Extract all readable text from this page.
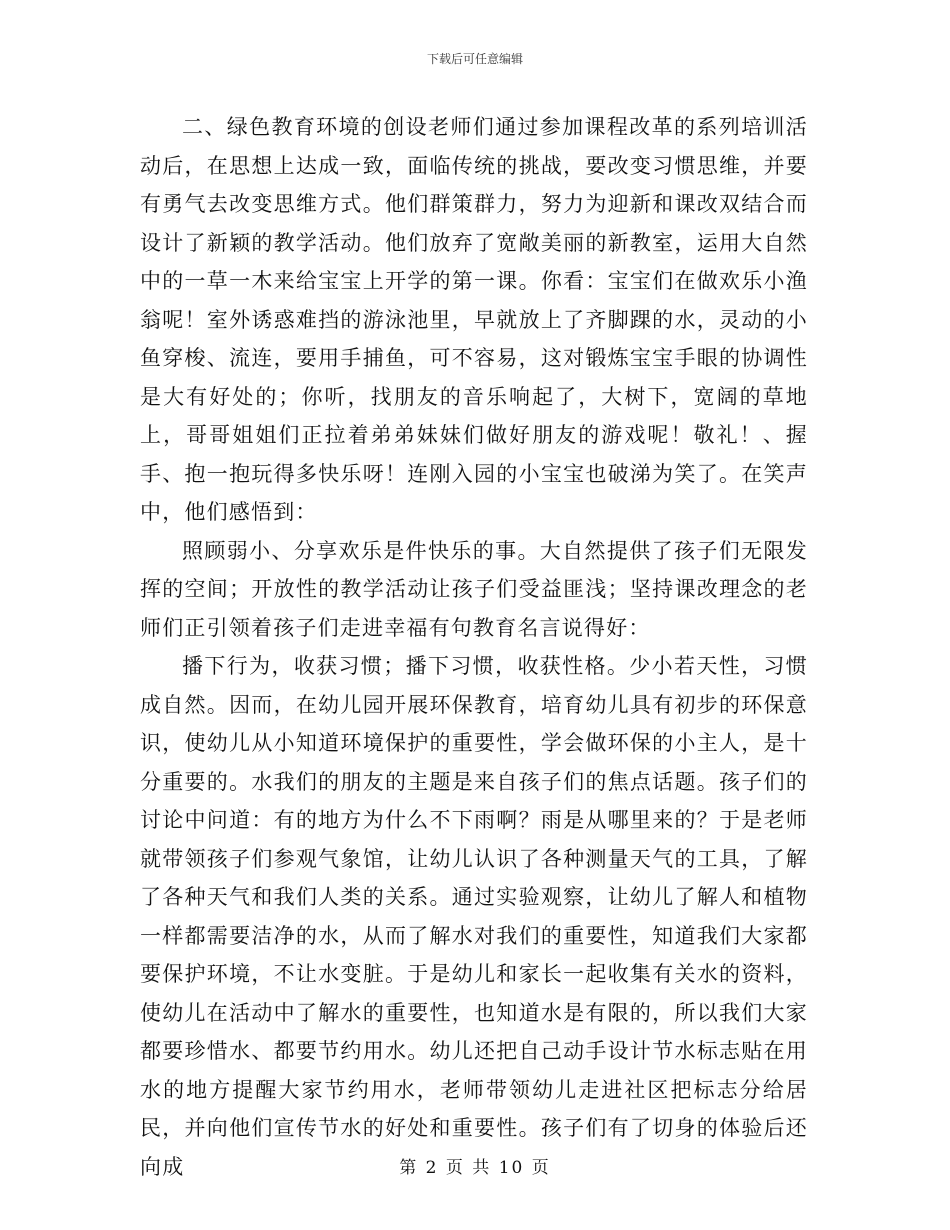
下载后可任意编辑

二、绿色教育环境的创设老师们通过参加课程改革的系列培训活动后，在思想上达成一致，面临传统的挑战，要改变习惯思维，并要有勇气去改变思维方式。他们群策群力，努力为迎新和课改双结合而设计了新颖的教学活动。他们放弃了宽敞美丽的新教室，运用大自然中的一草一木来给宝宝上开学的第一课。你看：宝宝们在做欢乐小渔翁呢！室外诱惑难挡的游泳池里，早就放上了齐脚踝的水，灵动的小鱼穿梭、流连，要用手捕鱼，可不容易，这对锻炼宝宝手眼的协调性是大有好处的；你听，找朋友的音乐响起了，大树下，宽阔的草地上，哥哥姐姐们正拉着弟弟妹妹们做好朋友的游戏呢！敬礼！、握手、抱一抱玩得多快乐呀！连刚入园的小宝宝也破涕为笑了。在笑声中，他们感悟到：

照顾弱小、分享欢乐是件快乐的事。大自然提供了孩子们无限发挥的空间；开放性的教学活动让孩子们受益匪浅；坚持课改理念的老师们正引领着孩子们走进幸福有句教育名言说得好：

播下行为，收获习惯；播下习惯，收获性格。少小若天性，习惯成自然。因而，在幼儿园开展环保教育，培育幼儿具有初步的环保意识，使幼儿从小知道环境保护的重要性，学会做环保的小主人，是十分重要的。水我们的朋友的主题是来自孩子们的焦点话题。孩子们的讨论中问道：有的地方为什么不下雨啊？雨是从哪里来的？于是老师就带领孩子们参观气象馆，让幼儿认识了各种测量天气的工具，了解了各种天气和我们人类的关系。通过实验观察，让幼儿了解人和植物一样都需要洁净的水，从而了解水对我们的重要性，知道我们大家都要保护环境，不让水变脏。于是幼儿和家长一起收集有关水的资料，使幼儿在活动中了解水的重要性，也知道水是有限的，所以我们大家都要珍惜水、都要节约用水。幼儿还把自己动手设计节水标志贴在用水的地方提醒大家节约用水，老师带领幼儿走进社区把标志分给居民，并向他们宣传节水的好处和重要性。孩子们有了切身的体验后还向成	第 2 页 共 10 页
